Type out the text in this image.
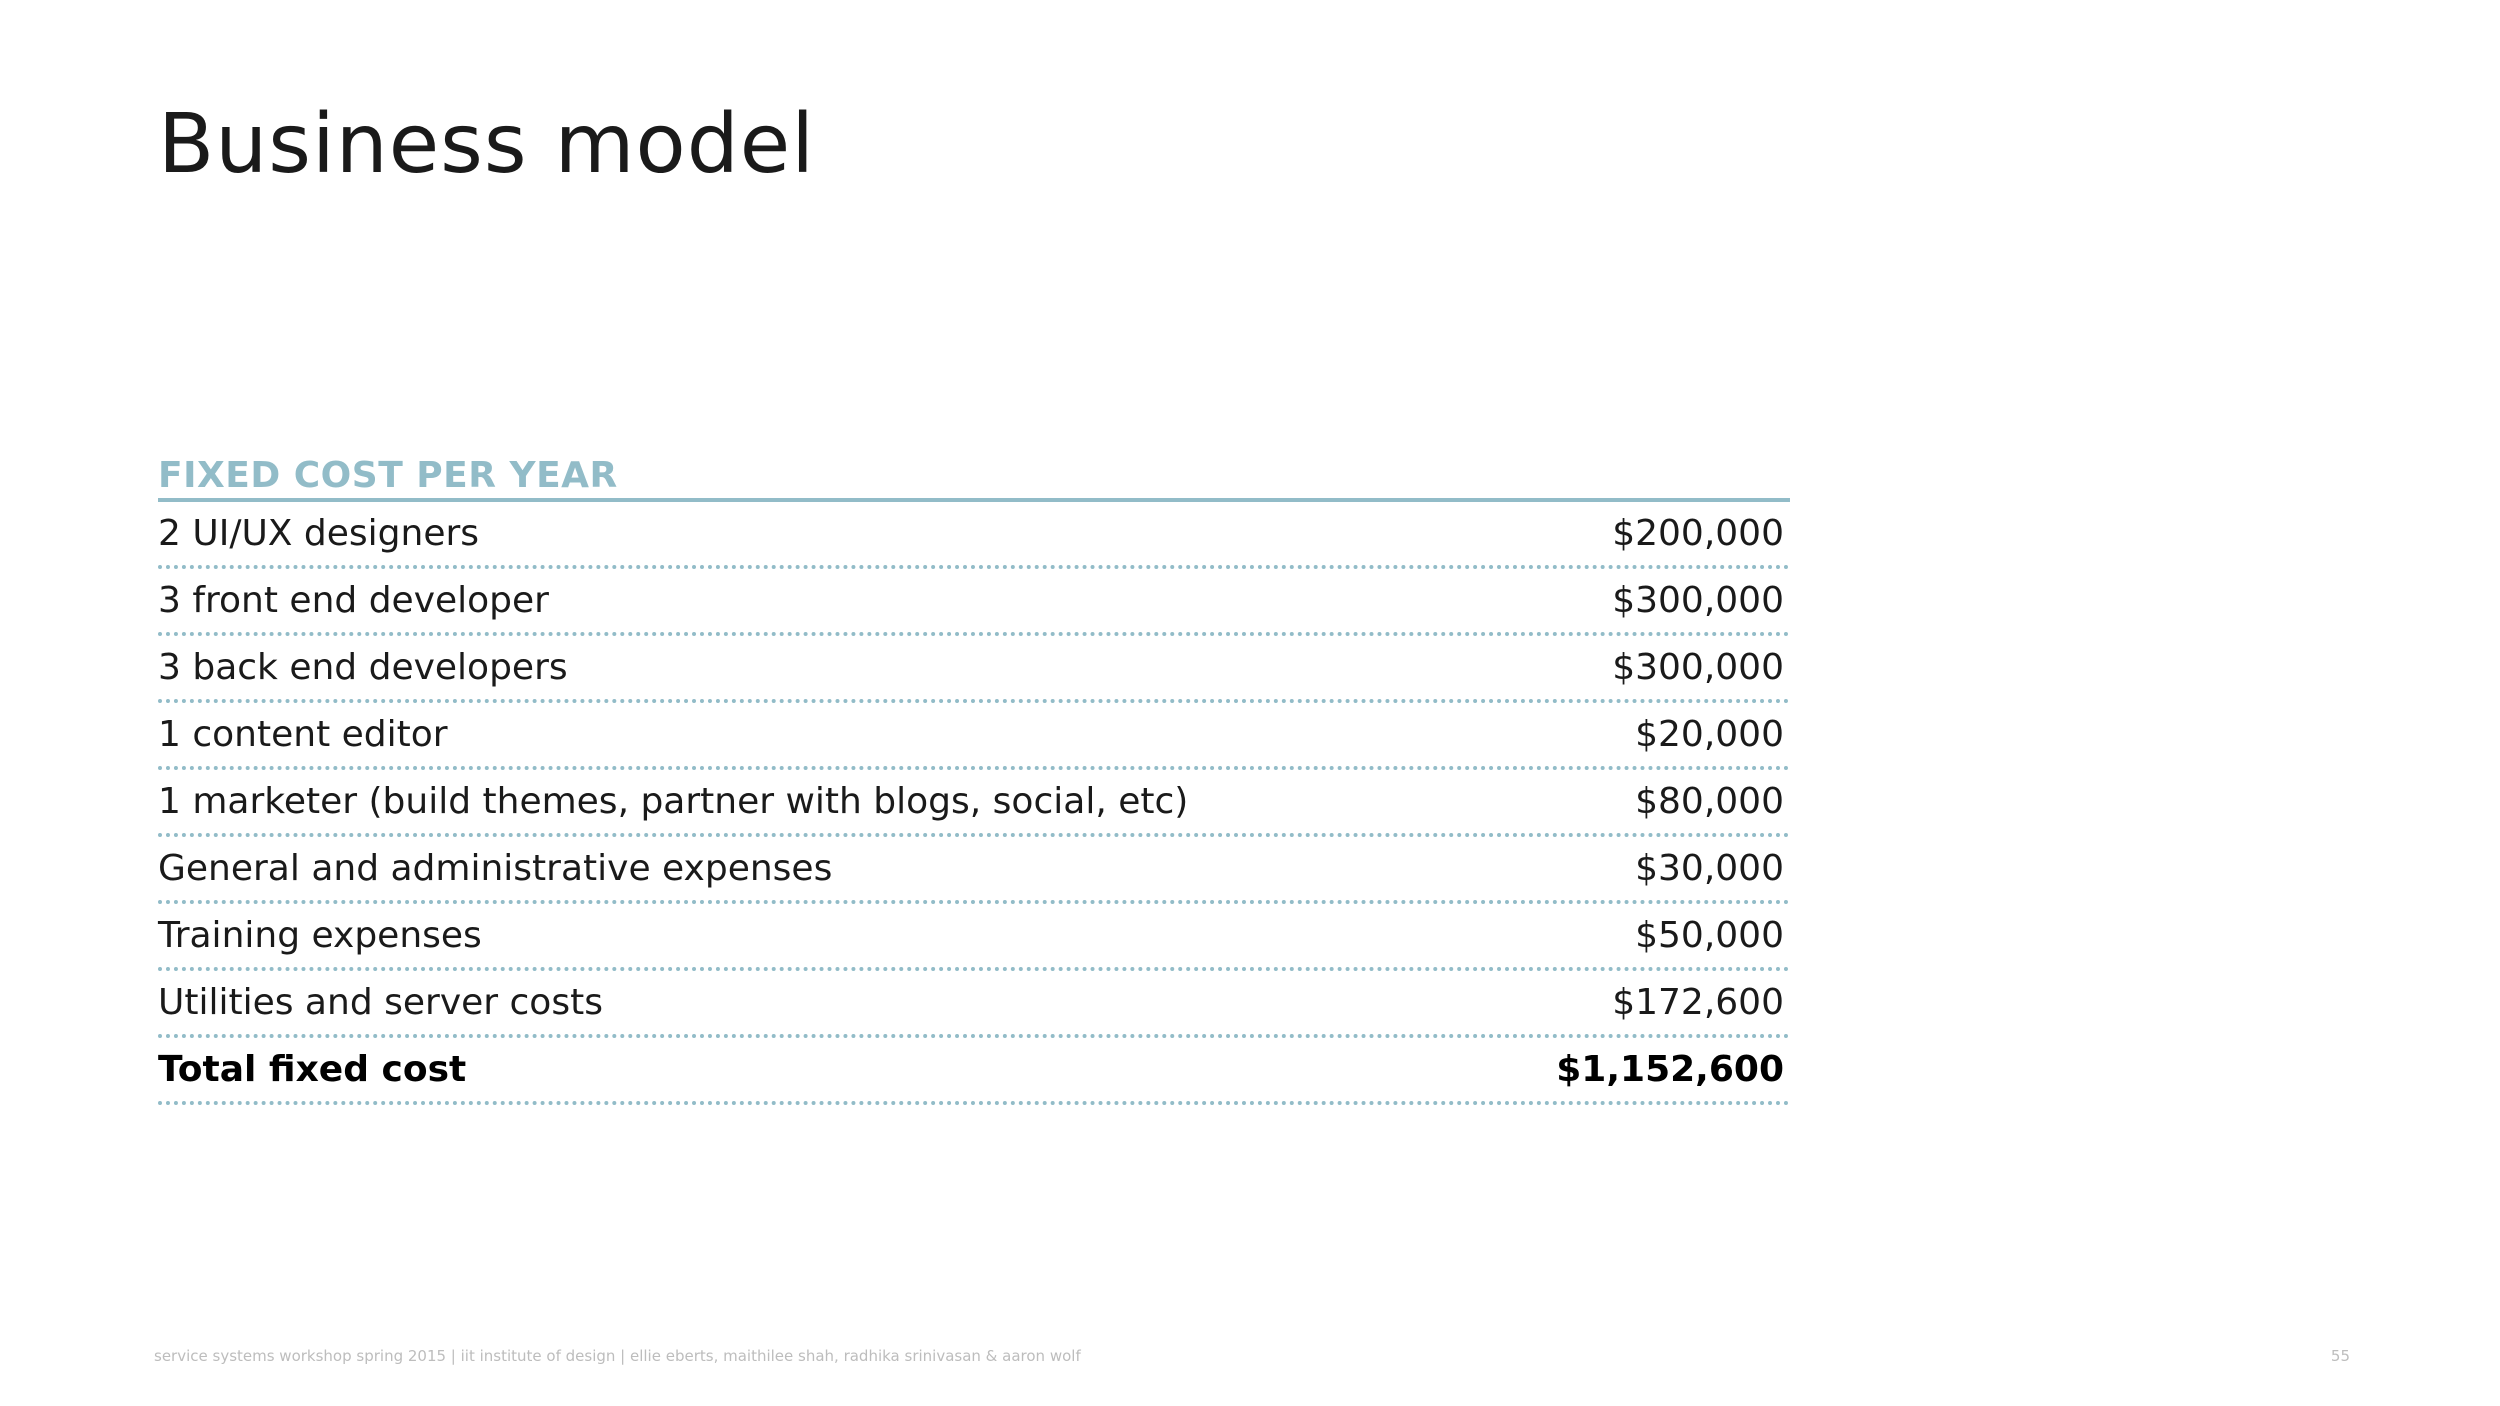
Business model
FIXED COST PER YEAR
2 UI/UX designers	$200,000
3 front end developer	$300,000
3 back end developers	$300,000
1 content editor	$20,000
1 marketer (build themes, partner with blogs, social, etc)	$80,000
General and administrative expenses	$30,000
Training expenses	$50,000
Utilities and server costs	$172,600
Total fixed cost	$1,152,600
service systems workshop spring 2015 | iit institute of design | ellie eberts, maithilee shah, radhika srinivasan & aaron wolf	55
